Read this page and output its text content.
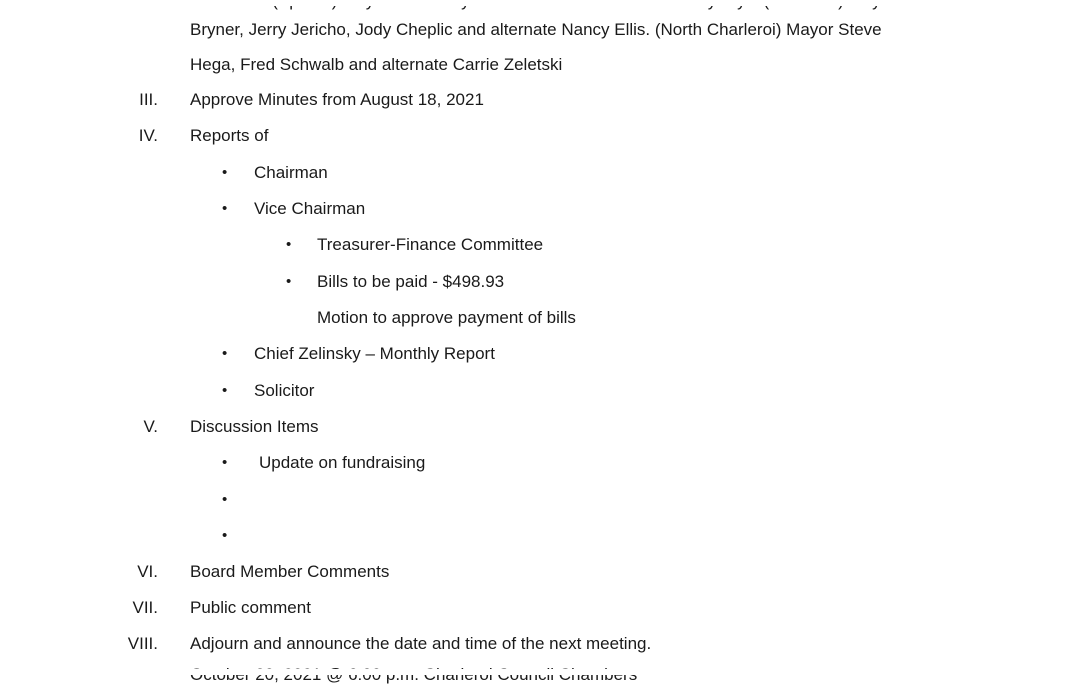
Bryner, Jerry Jericho, Jody Cheplic and alternate Nancy Ellis. (North Charleroi) Mayor Steve
Hega, Fred Schwalb and alternate Carrie Zeletski
III. Approve Minutes from August 18, 2021
IV. Reports of
• Chairman
• Vice Chairman
• Treasurer-Finance Committee
• Bills to be paid - $498.93
Motion to approve payment of bills
• Chief Zelinsky – Monthly Report
• Solicitor
V. Discussion Items
• Update on fundraising
•
•
VI. Board Member Comments
VII. Public comment
VIII. Adjourn and announce the date and time of the next meeting.
